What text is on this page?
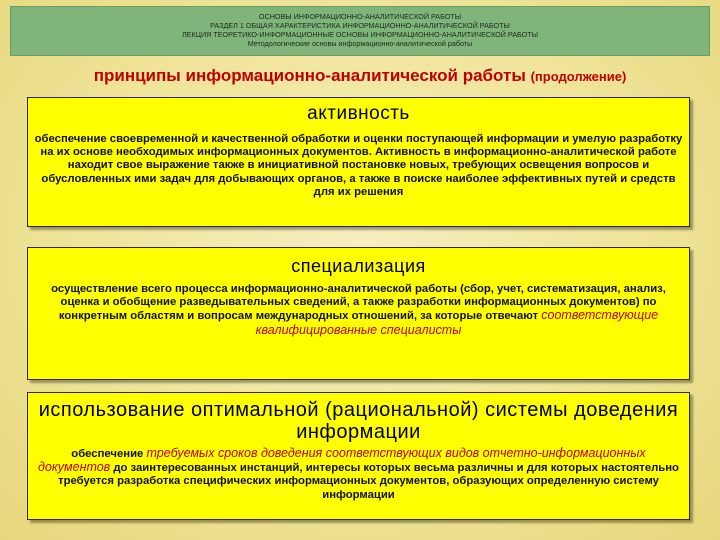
ОСНОВЫ ИНФОРМАЦИОННО-АНАЛИТИЧЕСКОЙ РАБОТЫ
РАЗДЕЛ 1 ОБЩАЯ ХАРАКТЕРИСТИКА ИНФОРМАЦИОННО-АНАЛИТИЧЕСКОЙ РАБОТЫ
ЛЕКЦИЯ ТЕОРЕТИКО-ИНФОРМАЦИОННЫЕ ОСНОВЫ ИНФОРМАЦИОННО-АНАЛИТИЧЕСКОЙ РАБОТЫ
Методологические основы информационно-аналитической работы
принципы информационно-аналитической работы (продолжение)
активность

обеспечение своевременной и качественной обработки и оценки поступающей информации и умелую разработку на их основе необходимых информационных документов. Активность в информационно-аналитической работе находит свое выражение также в инициативной постановке новых, требующих освещения вопросов и обусловленных ими задач для добывающих органов, а также в поиске наиболее эффективных путей и средств для их решения

специализация

осуществление всего процесса информационно-аналитической работы (сбор, учет, систематизация, анализ, оценка и обобщение разведывательных сведений, а также разработки информационных документов) по конкретным областям и вопросам международных отношений, за которые отвечают соответствующие квалифицированные специалисты

использование оптимальной (рациональной) системы доведения информации

обеспечение требуемых сроков доведения соответствующих видов отчетно-информационных документов до заинтересованных инстанций, интересы которых весьма различны и для которых настоятельно требуется разработка специфических информационных документов, образующих определенную систему информации
